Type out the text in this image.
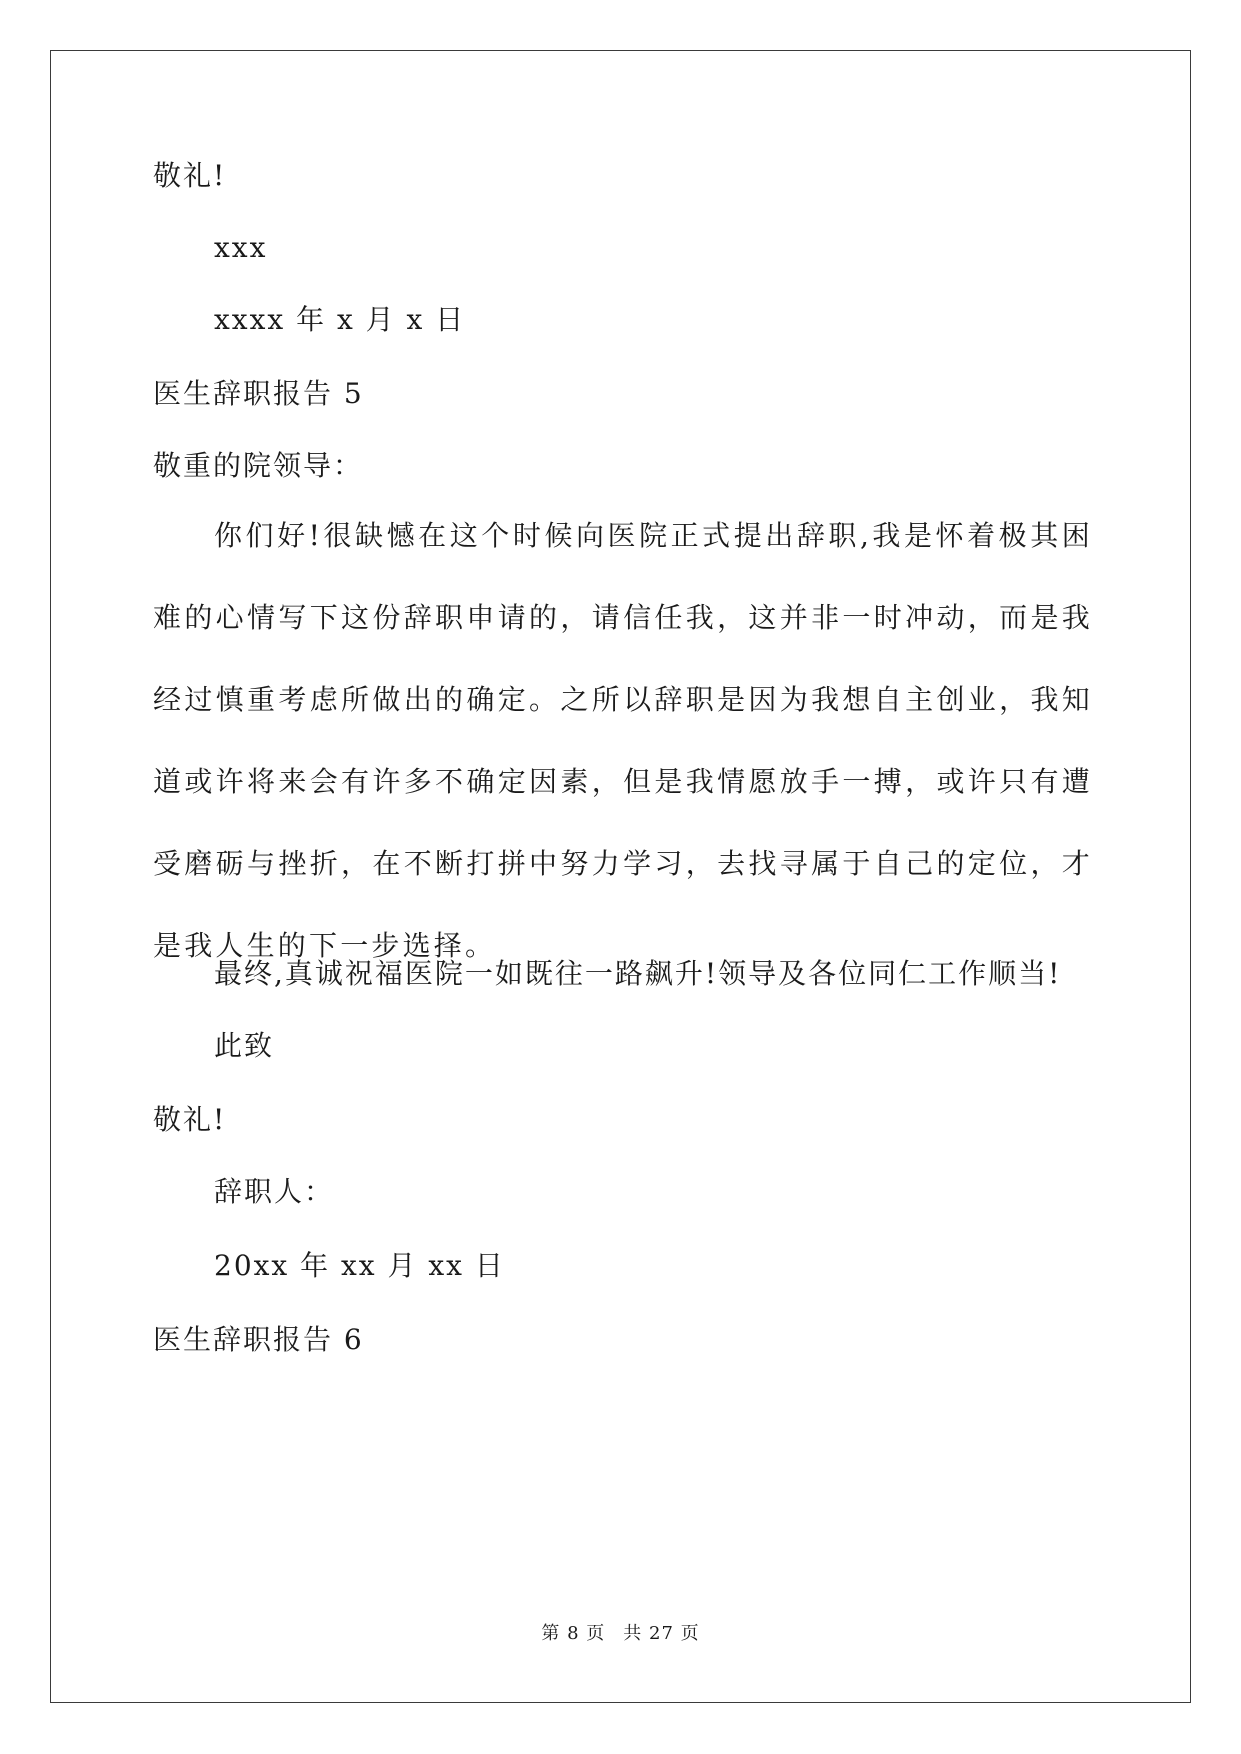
敬礼!
xxx
xxxx 年 x 月 x 日
医生辞职报告 5
敬重的院领导：

你们好!很缺憾在这个时候向医院正式提出辞职,我是怀着极其困难的心情写下这份辞职申请的，请信任我，这并非一时冲动，而是我经过慎重考虑所做出的确定。之所以辞职是因为我想自主创业，我知道或许将来会有许多不确定因素，但是我情愿放手一搏，或许只有遭受磨砺与挫折，在不断打拼中努力学习，去找寻属于自己的定位，才是我人生的下一步选择。

最终,真诚祝福医院一如既往一路飙升!领导及各位同仁工作顺当!
此致
敬礼!
辞职人：
20xx 年 xx 月 xx 日
医生辞职报告 6
第 8 页 共 27 页
